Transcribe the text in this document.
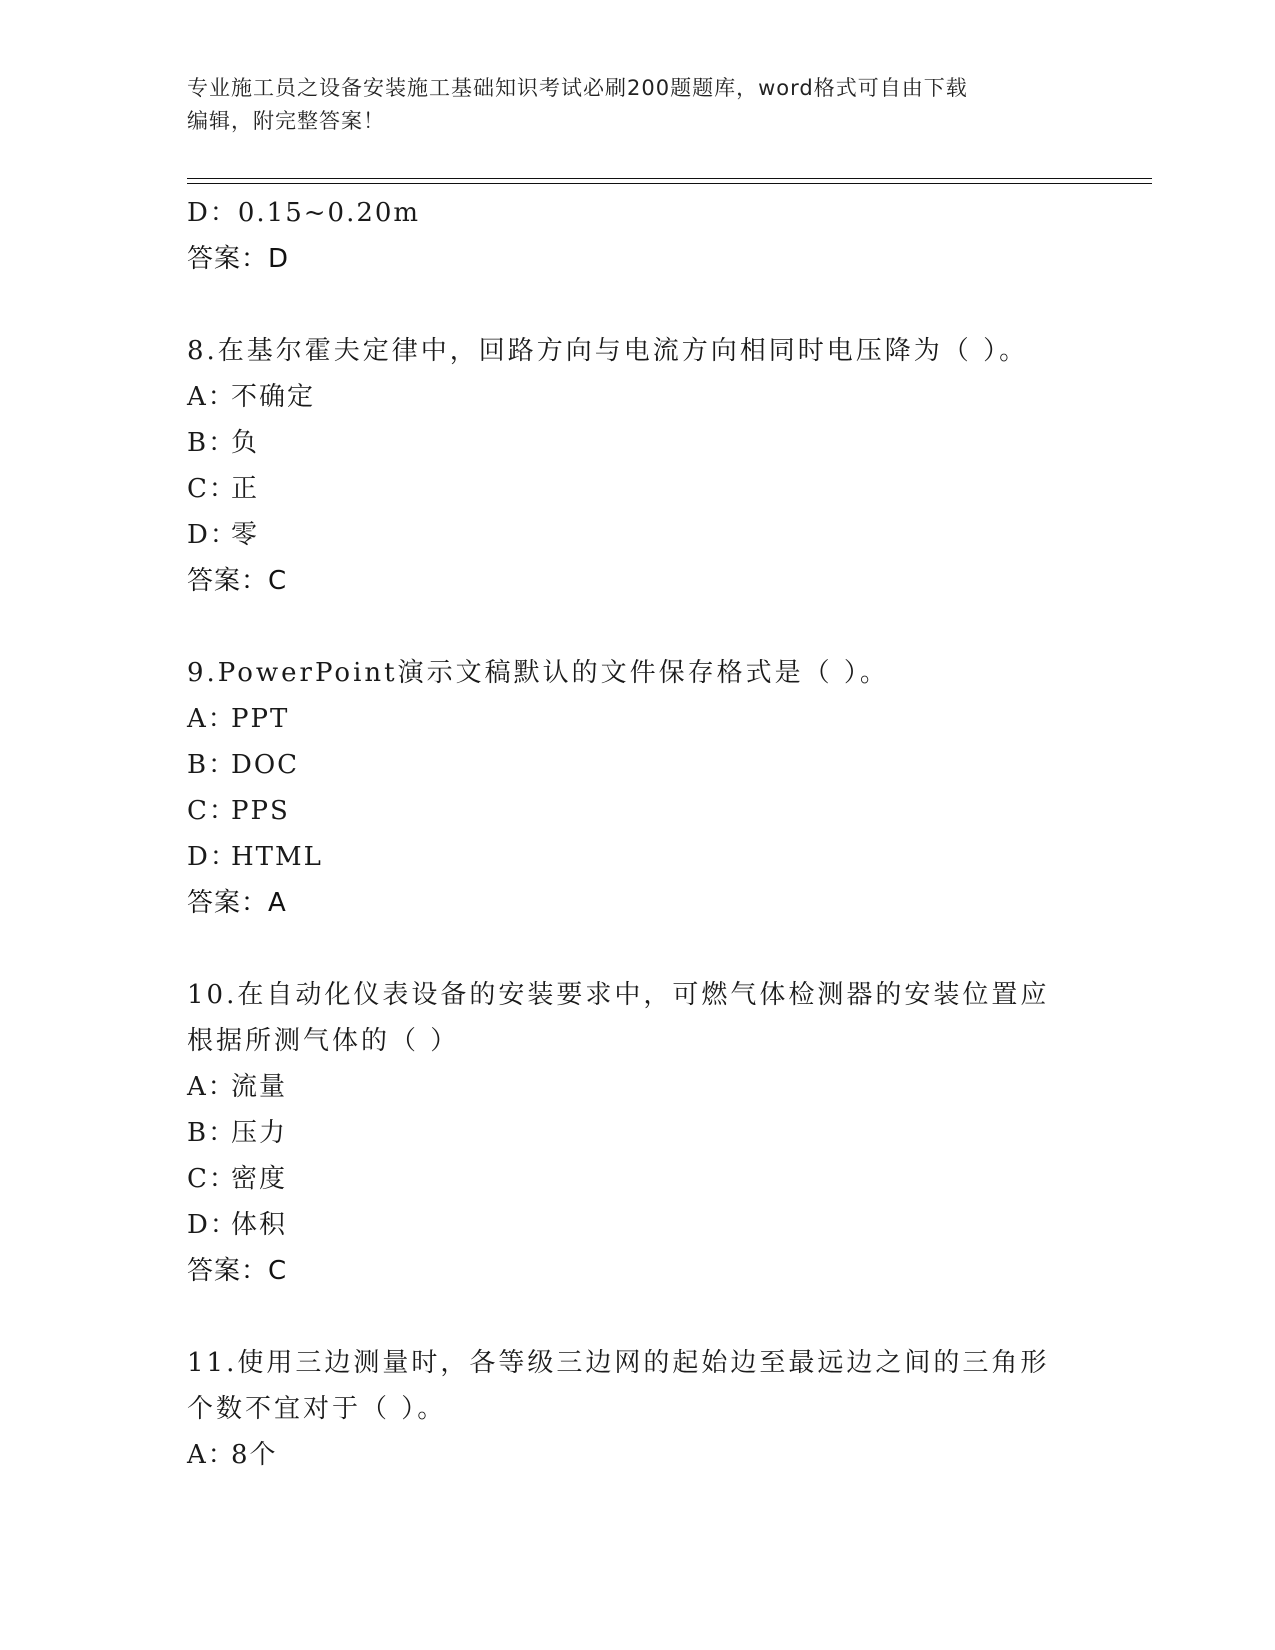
专业施工员之设备安装施工基础知识考试必刷200题题库，word格式可自由下载
编辑，附完整答案！
D：0.15~0.20m
答案：D
8.在基尔霍夫定律中，回路方向与电流方向相同时电压降为（ ）。
A：不确定
B：负
C：正
D：零
答案：C
9.PowerPoint演示文稿默认的文件保存格式是（ ）。
A：PPT
B：DOC
C：PPS
D：HTML
答案：A
10.在自动化仪表设备的安装要求中，可燃气体检测器的安装位置应根据所测气体的（ ）
A：流量
B：压力
C：密度
D：体积
答案：C
11.使用三边测量时，各等级三边网的起始边至最远边之间的三角形个数不宜对于（ ）。
A：8个
